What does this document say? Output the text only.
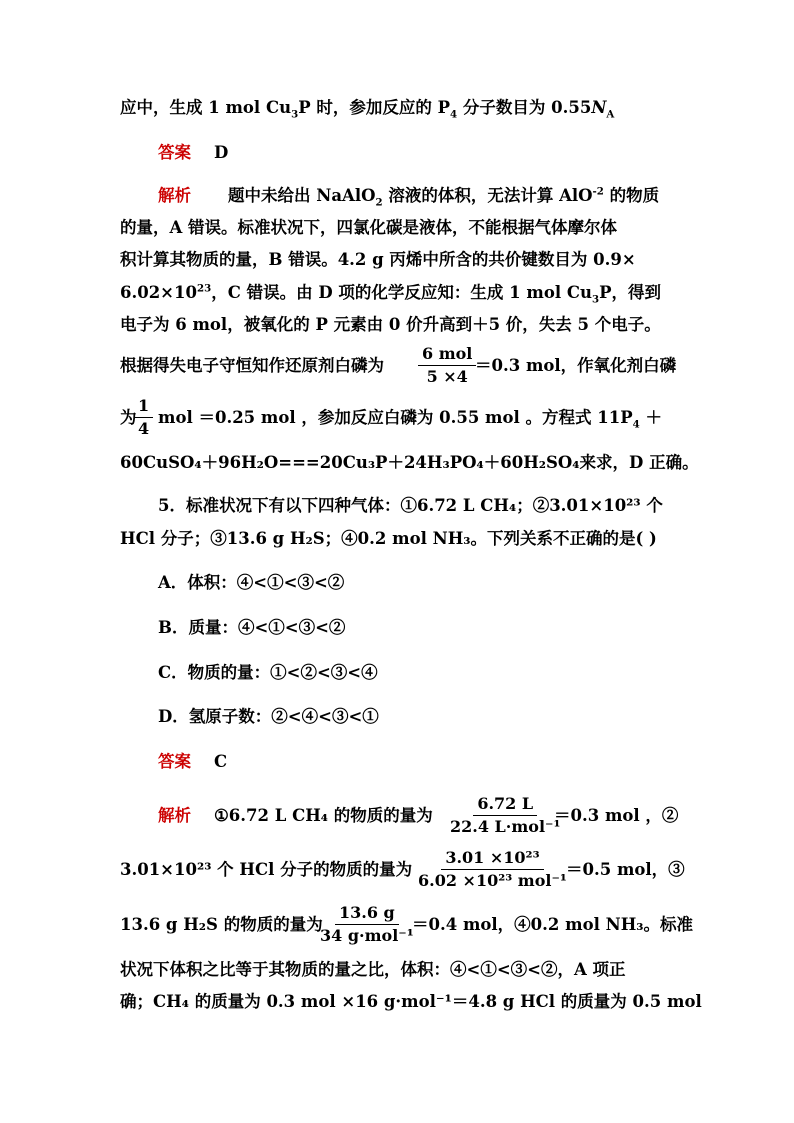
应中，生成 1 mol $Cu_3P$ 时，参加反应的 $P_4$ 分子数目为 $0.55N_A$
答案 D
解析 题中未给出 NaAlO$_2$ 溶液的体积，无法计算 AlO$^{-2}$ 的物质
的量，A 错误。标准状况下，四氯化碳是液体，不能根据气体摩尔体
积计算其物质的量，B 错误。4.2 g 丙烯中所含的共价键数目为 0.9×
$6.02\times 10^{23}$，C 错误。由 D 项的化学反应知：生成 1 mol $Cu_3P$，得到
电子为 6 mol，被氧化的 P 元素由 0 价升高到＋5 价，失去 5 个电子。
根据得失电子守恒知作还原剂白磷为
6 mol
5 ×4
＝0.3 mol，作氧化剂白磷
为
$\frac{1}{4}$ mol ＝0.25 mol ，参加反应白磷为 0.55 mol 。方程式 $11P_4$ ＋
60CuSO₄＋96H₂O===20Cu₃P＋24H₃PO₄＋60H₂SO₄来求，D 正确。
5．标准状况下有以下四种气体：①6.72 L CH₄；②3.01×10²³ 个
HCl 分子；③13.6 g H₂S；④0.2 mol NH₃。下列关系不正确的是( )
A．体积：④<①<③<②
B．质量：④<①<③<②
C．物质的量：①<②<③<④
D．氢原子数：②<④<③<①
答案 C
解析 ①6.72 L CH₄ 的物质的量为
6.72 L
22.4 L·mol⁻¹
＝0.3 mol ，②
3.01×10²³ 个 HCl 分子的物质的量为
3.01 ×10²³
6.02 ×10²³ mol⁻¹
＝0.5 mol，③
13.6 g H₂S 的物质的量为
13.6 g
34 g·mol⁻¹
＝0.4 mol，④0.2 mol NH₃。标准
状况下体积之比等于其物质的量之比，体积：④<①<③<②，A 项正
确；CH₄ 的质量为 0.3 mol ×16 g·mol⁻¹＝4.8 g HCl 的质量为 0.5 mol
